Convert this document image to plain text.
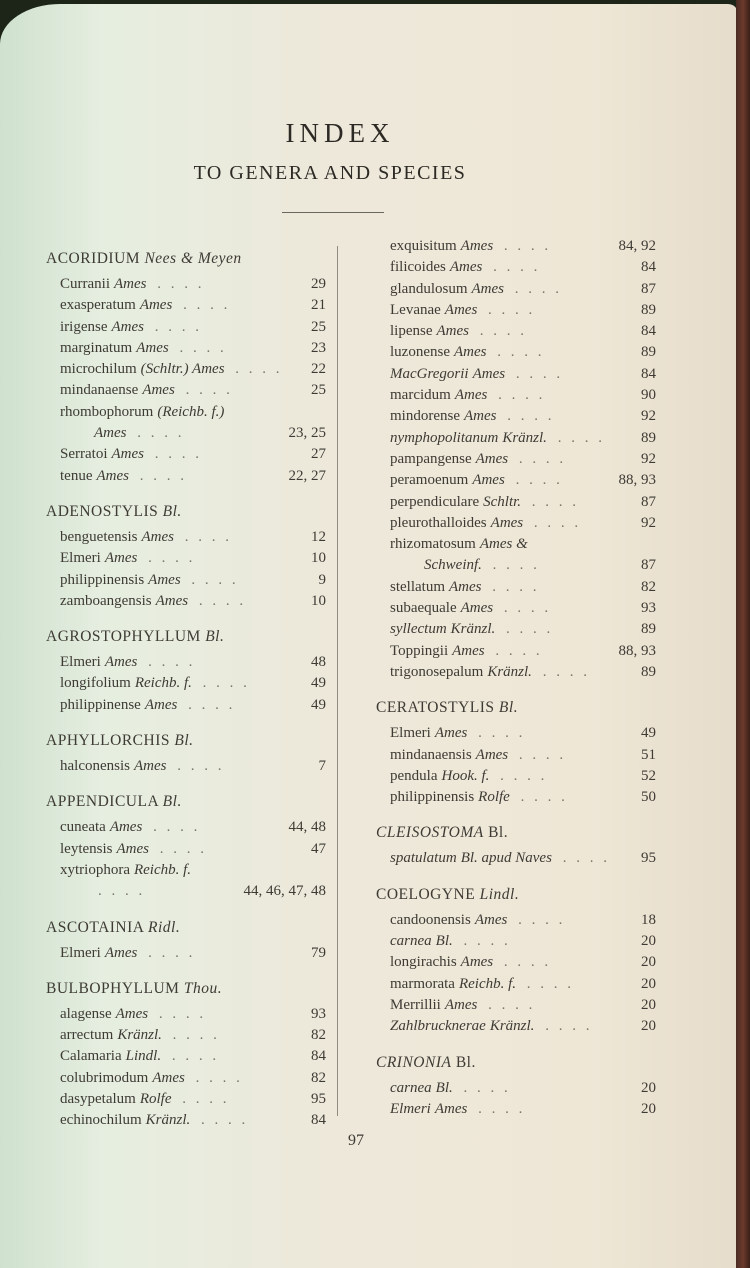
INDEX
TO GENERA AND SPECIES
ACORIDIUM Nees & Meyen
Curranii Ames . . . .	29
exasperatum Ames . . . .	21
irigense Ames . . . .	25
marginatum Ames . . . .	23
microchilum (Schltr.) Ames . . . . 22
mindanaense Ames . . . .	25
rhombophorum (Reichb. f.)
Ames . . . .	23, 25
Serratoi Ames . . . .	27
tenue Ames . . . .	22, 27
ADENOSTYLIS Bl.
benguetensis Ames . . . .	12
Elmeri Ames . . . .	10
philippinensis Ames . . . .	9
zamboangensis Ames . . . .	10
AGROSTOPHYLLUM Bl.
Elmeri Ames . . . .	48
longifolium Reichb. f. . . . .	49
philippinense Ames . . . .	49
APHYLLORCHIS Bl.
halconensis Ames . . . .	7
APPENDICULA Bl.
cuneata Ames . . . .	44, 48
leytensis Ames . . . .	47
xytriophora Reichb. f.
. . . .	44, 46, 47, 48
ASCOTAINIA Ridl.
Elmeri Ames . . . .	79
BULBOPHYLLUM Thou.
alagense Ames . . . .	93
arrectum Kränzl. . . . .	82
Calamaria Lindl. . . . .	84
colubrimodum Ames . . . .	82
dasypetalum Rolfe . . . .	95
echinochilum Kränzl. . . . .	84
exquisitum Ames . . . .	84, 92
filicoides Ames . . . .	84
glandulosum Ames . . . .	87
Levanae Ames . . . .	89
lipense Ames . . . .	84
luzonense Ames . . . .	89
MacGregorii Ames . . . .	84
marcidum Ames . . . .	90
mindorense Ames . . . .	92
nymphopolitanum Kränzl. . . . . 89
pampangense Ames . . . .	92
peramoenum Ames . . . .	88, 93
perpendiculare Schltr. . . . .	87
pleurothalloides Ames . . . .	92
rhizomatosum Ames &
Schweinf. . . . .	87
stellatum Ames . . . .	82
subaequale Ames . . . .	93
syllectum Kränzl. . . . .	89
Toppingii Ames . . . .	88, 93
trigonosepalum Kränzl. . . . .	89
CERATOSTYLIS Bl.
Elmeri Ames . . . .	49
mindanaensis Ames . . . .	51
pendula Hook. f. . . . .	52
philippinensis Rolfe . . . .	50
CLEISOSTOMA Bl.
spatulatum Bl. apud Naves . . . . 95
COELOGYNE Lindl.
candoonensis Ames . . . .	18
carnea Bl. . . . .	20
longirachis Ames . . . .	20
marmorata Reichb. f. . . . .	20
Merrillii Ames . . . .	20
Zahlbrucknerae Kränzl. . . . .	20
CRINONIA Bl.
carnea Bl. . . . .	20
Elmeri Ames . . . .	20
97
